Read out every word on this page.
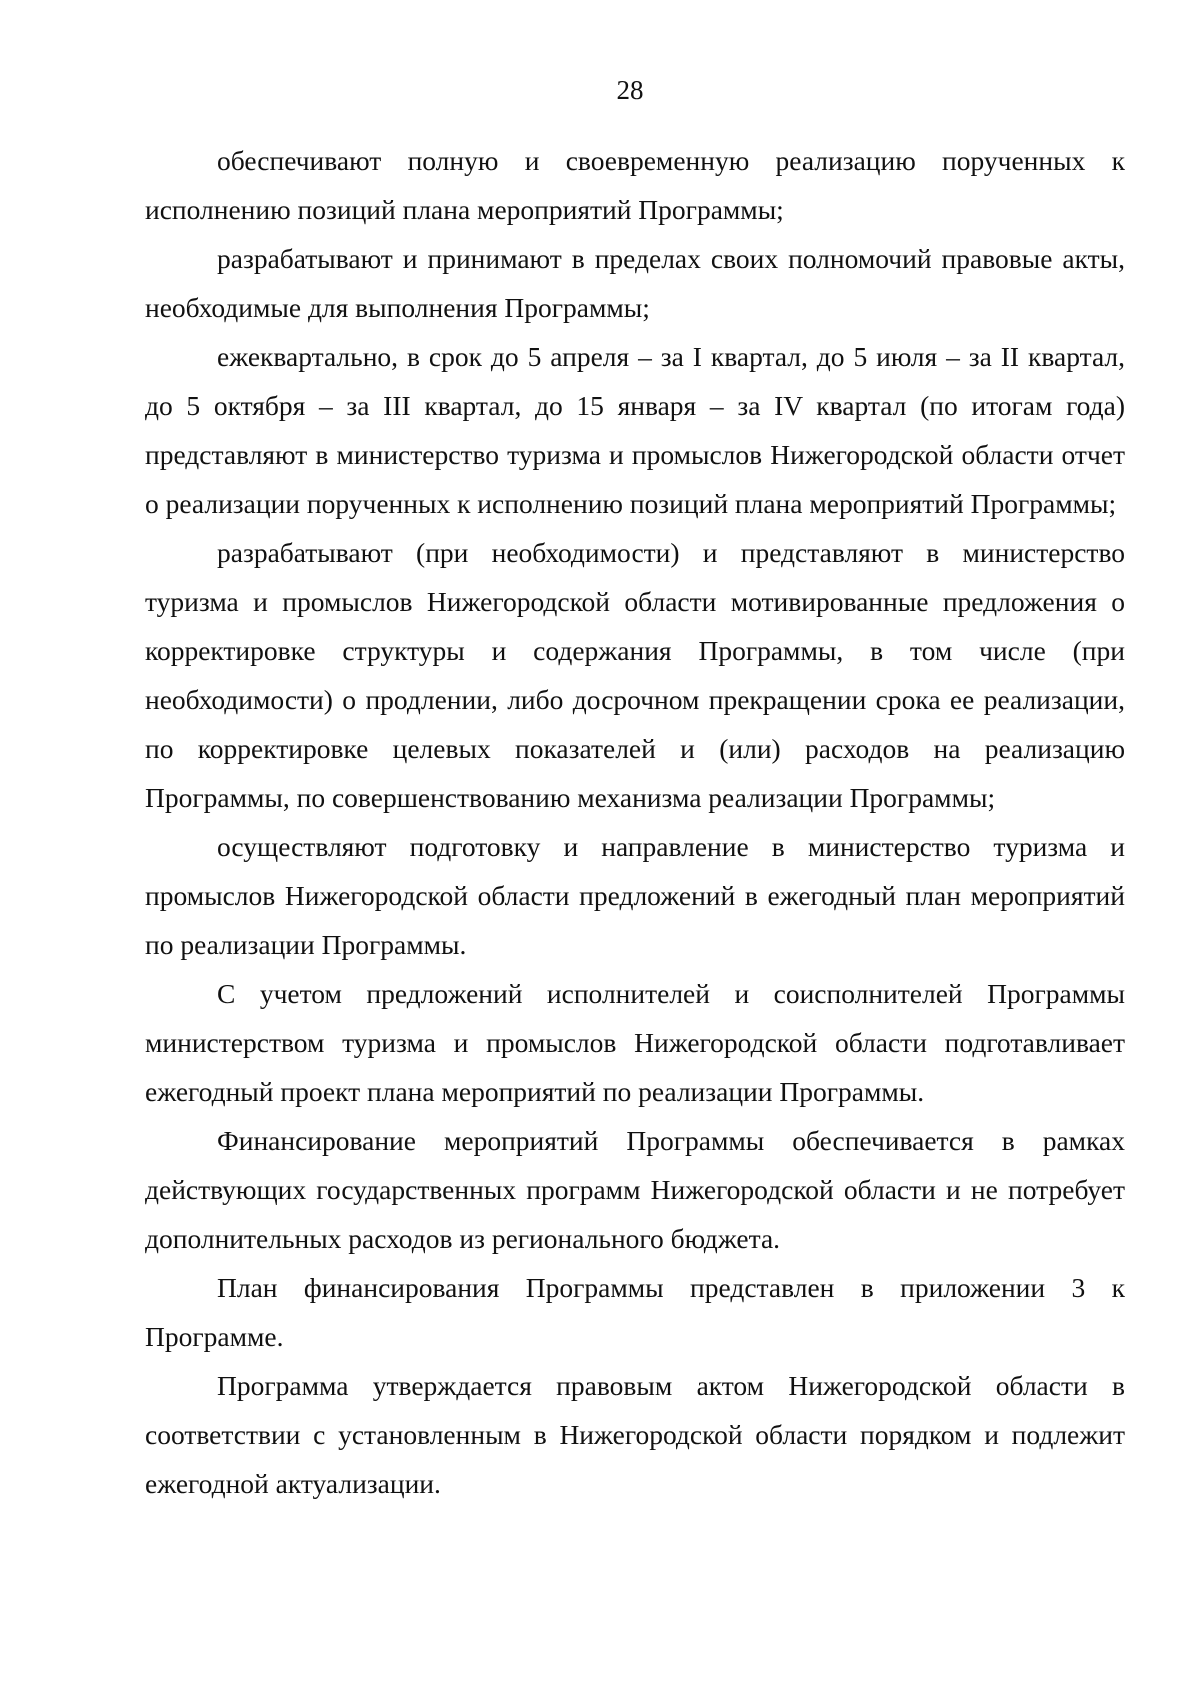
28

обеспечивают полную и своевременную реализацию порученных к исполнению позиций плана мероприятий Программы;

разрабатывают и принимают в пределах своих полномочий правовые акты, необходимые для выполнения Программы;

ежеквартально, в срок до 5 апреля – за I квартал, до 5 июля – за II квартал, до 5 октября – за III квартал, до 15 января – за IV квартал (по итогам года) представляют в министерство туризма и промыслов Нижегородской области отчет о реализации порученных к исполнению позиций плана мероприятий Программы;

разрабатывают (при необходимости) и представляют в министерство туризма и промыслов Нижегородской области мотивированные предложения о корректировке структуры и содержания Программы, в том числе (при необходимости) о продлении, либо досрочном прекращении срока ее реализации, по корректировке целевых показателей и (или) расходов на реализацию Программы, по совершенствованию механизма реализации Программы;

осуществляют подготовку и направление в министерство туризма и промыслов Нижегородской области предложений в ежегодный план мероприятий по реализации Программы.

С учетом предложений исполнителей и соисполнителей Программы министерством туризма и промыслов Нижегородской области подготавливает ежегодный проект плана мероприятий по реализации Программы.

Финансирование мероприятий Программы обеспечивается в рамках действующих государственных программ Нижегородской области и не потребует дополнительных расходов из регионального бюджета.

План финансирования Программы представлен в приложении 3 к Программе.

Программа утверждается правовым актом Нижегородской области в соответствии с установленным в Нижегородской области порядком и подлежит ежегодной актуализации.
